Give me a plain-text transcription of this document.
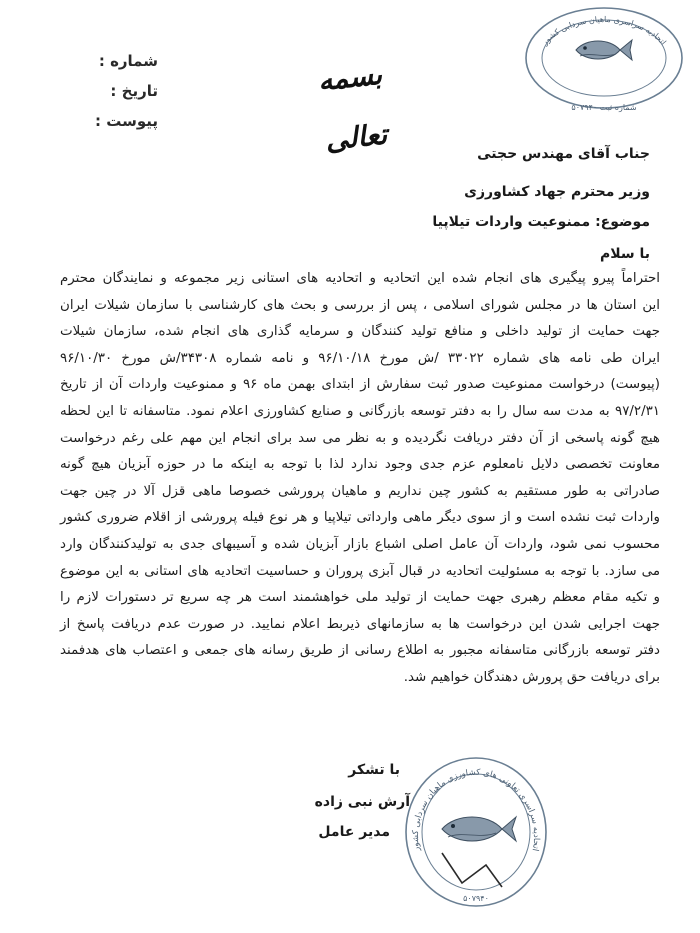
شماره :
تاریخ :
پیوست :
بسمه تعالی
اتحادیه سراسری ماهیان سردابی کشور
شماره ثبت ۵۰۷۹۴۰
جناب آقای مهندس حجتی
وزیر محترم جهاد کشاورزی
موضوع: ممنوعیت واردات تیلاپیا
با سلام
احتراماً پیرو پیگیری های انجام شده این اتحادیه و اتحادیه های استانی زیر مجموعه و نمایندگان محترم
این استان ها در مجلس شورای اسلامی ، پس از بررسی و بحث های کارشناسی با سازمان شیلات ایران
جهت حمایت از تولید داخلی و منافع تولید کنندگان و سرمایه گذاری های انجام شده، سازمان شیلات
ایران طی نامه های شماره ۳۳۰۲۲ /ش مورخ ۹۶/۱۰/۱۸ و نامه شماره ۳۴۳۰۸/ش مورخ ۹۶/۱۰/۳۰
(پیوست) درخواست ممنوعیت صدور ثبت سفارش از ابتدای بهمن ماه ۹۶ و ممنوعیت واردات آن از تاریخ
۹۷/۲/۳۱ به مدت سه سال را به دفتر توسعه بازرگانی و صنایع کشاورزی اعلام نمود. متاسفانه تا این لحظه
هیچ گونه پاسخی از آن دفتر دریافت نگردیده و به نظر می سد برای انجام این مهم علی رغم درخواست
معاونت تخصصی دلایل نامعلوم عزم جدی وجود ندارد لذا با توجه به اینکه ما در حوزه آبزیان هیچ گونه
صادراتی به طور مستقیم به کشور چین نداریم و ماهیان پرورشی خصوصا ماهی قزل آلا در چین جهت
واردات ثبت نشده است و از سوی دیگر ماهی وارداتی تیلاپیا و هر نوع فیله پرورشی از اقلام ضروری کشور
محسوب نمی شود، واردات آن عامل اصلی اشباع بازار آبزیان شده و آسیبهای جدی به تولیدکنندگان وارد
می سازد. با توجه به مسئولیت اتحادیه در قبال آبزی پروران و حساسیت اتحادیه های استانی به این موضوع
و تکیه مقام معظم رهبری جهت حمایت از تولید ملی خواهشمند است هر چه سریع تر دستورات لازم را
جهت اجرایی شدن این درخواست ها به سازمانهای ذیربط اعلام نمایید. در صورت عدم دریافت پاسخ از
دفتر توسعه بازرگانی متاسفانه مجبور به اطلاع رسانی از طریق رسانه های جمعی و اعتصاب های هدفمند
برای دریافت حق پرورش دهندگان خواهیم شد.
با تشکر
آرش نبی زاده
مدیر عامل
اتحادیه سراسری تعاونی های کشاورزی ماهیان سردابی کشور
۵۰۷۹۴۰
